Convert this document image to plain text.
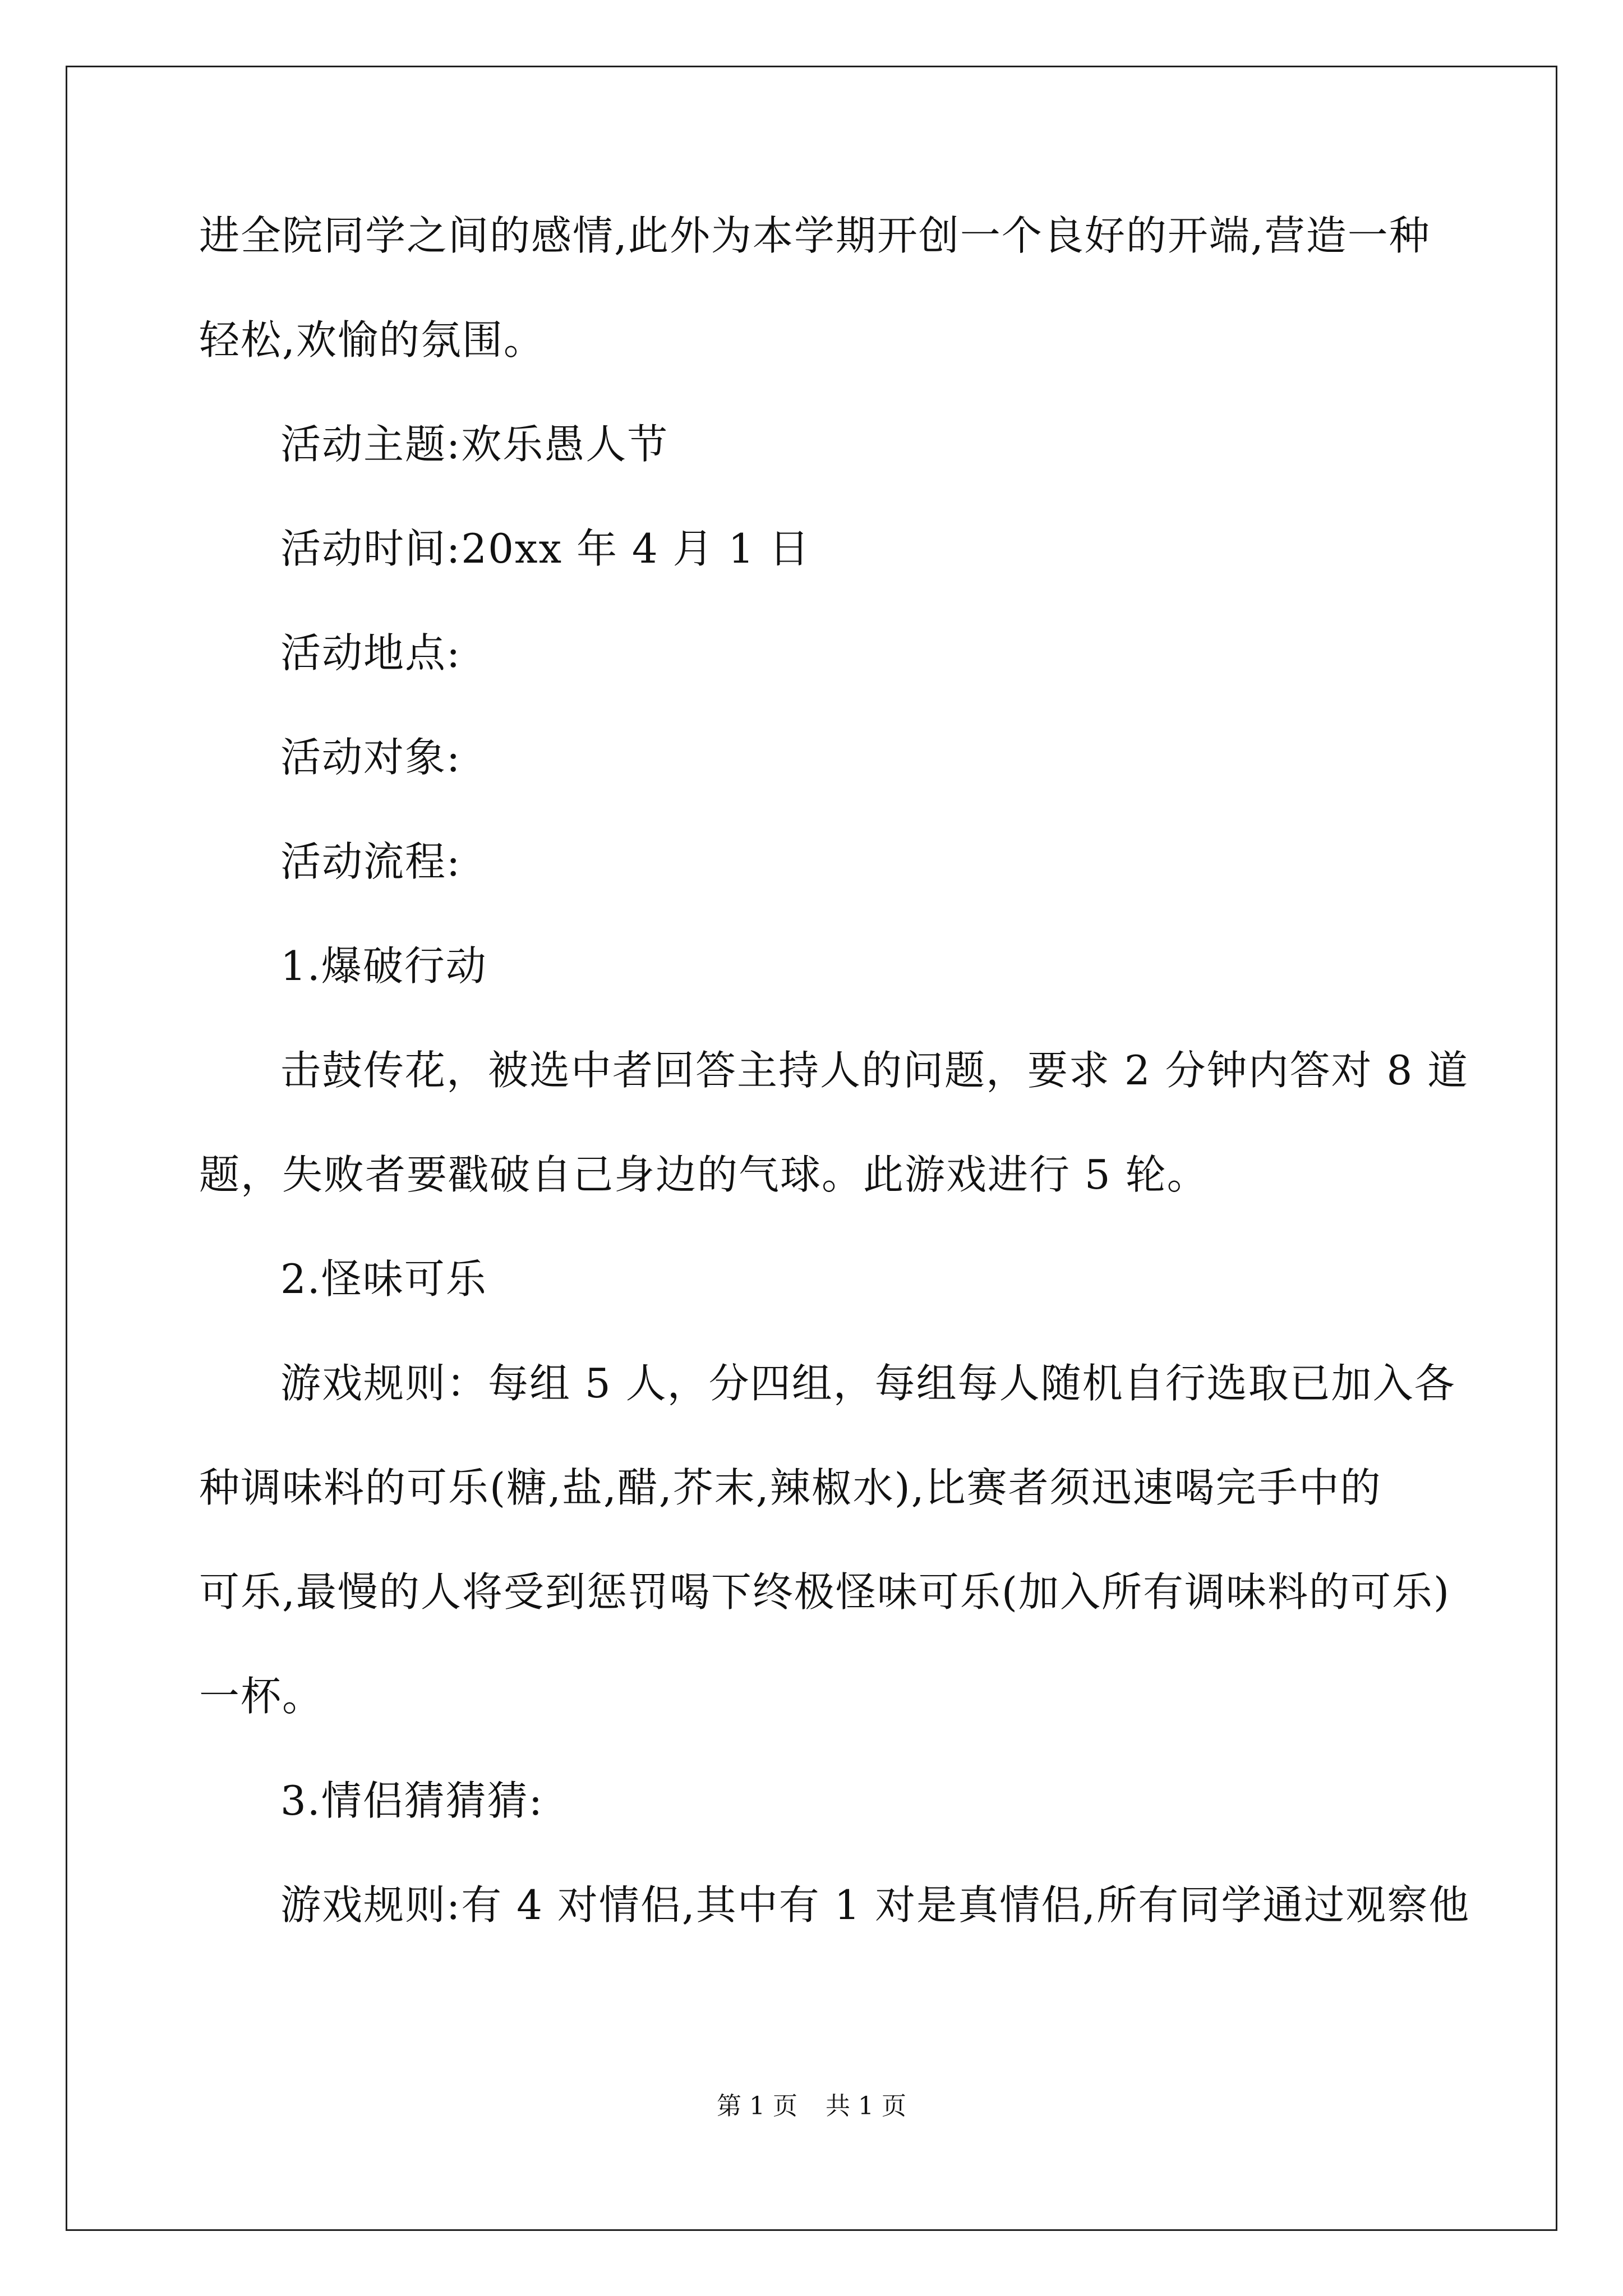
进全院同学之间的感情,此外为本学期开创一个良好的开端,营造一种
轻松,欢愉的氛围。
活动主题:欢乐愚人节
活动时间:20xx 年 4 月 1 日
活动地点:
活动对象:
活动流程:
1.爆破行动
击鼓传花，被选中者回答主持人的问题，要求 2 分钟内答对 8 道
题，失败者要戳破自己身边的气球。此游戏进行 5 轮。
2.怪味可乐
游戏规则：每组 5 人，分四组，每组每人随机自行选取已加入各
种调味料的可乐(糖,盐,醋,芥末,辣椒水),比赛者须迅速喝完手中的
可乐,最慢的人将受到惩罚喝下终极怪味可乐(加入所有调味料的可乐)
一杯。
3.情侣猜猜猜:
游戏规则:有 4 对情侣,其中有 1 对是真情侣,所有同学通过观察他
第 1 页 共 1 页
